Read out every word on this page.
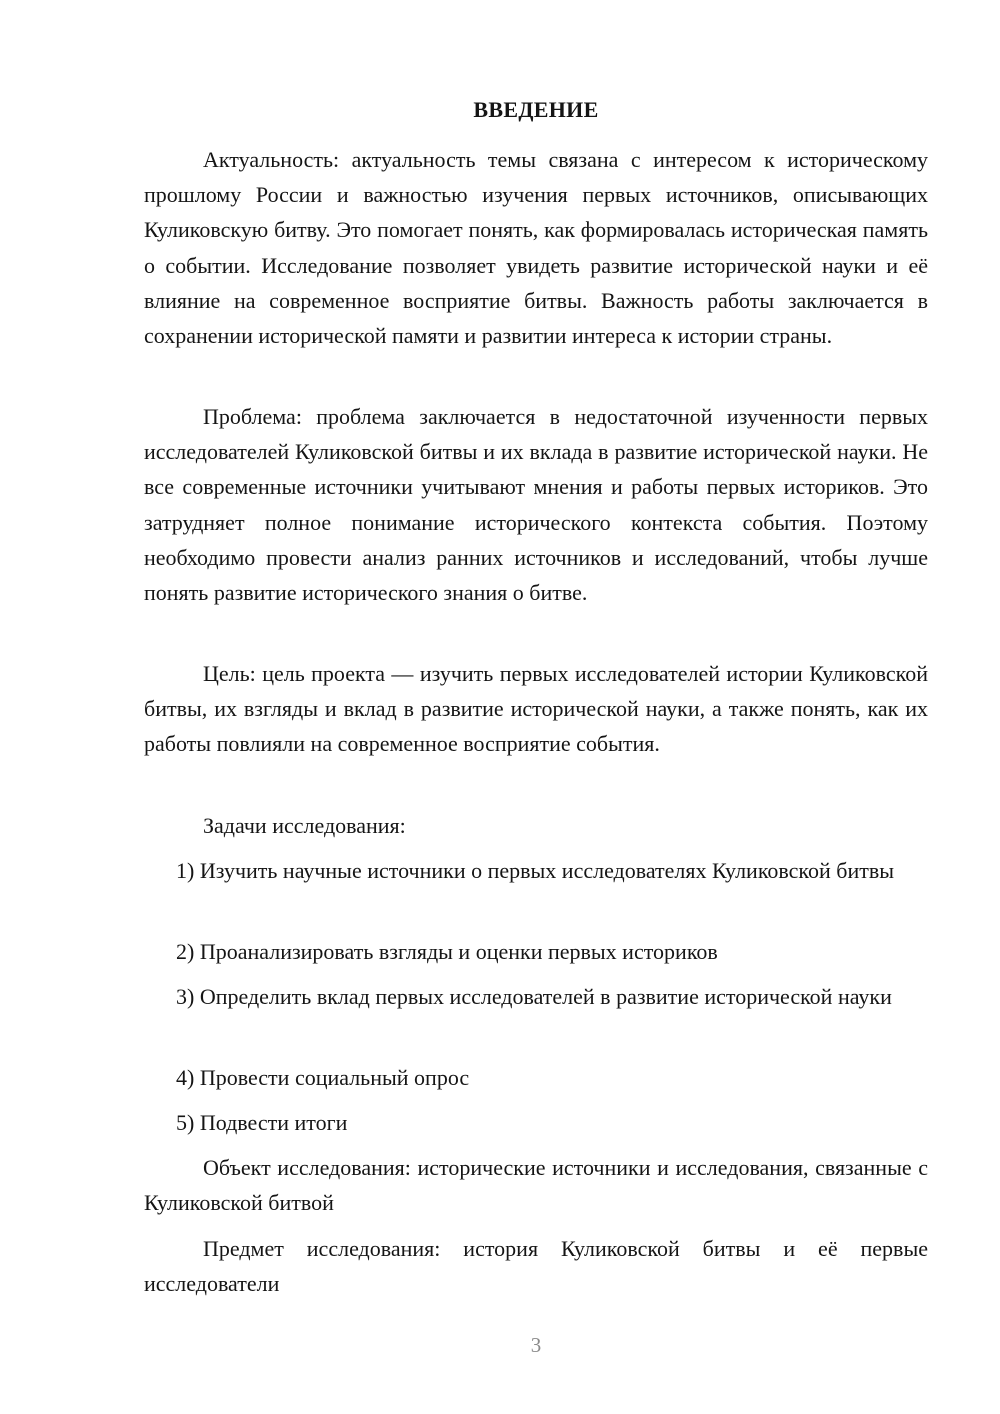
ВВЕДЕНИЕ

Актуальность: актуальность темы связана с интересом к историческому прошлому России и важностью изучения первых источников, описывающих Куликовскую битву. Это помогает понять, как формировалась историческая память о событии. Исследование позволяет увидеть развитие исторической науки и её влияние на современное восприятие битвы. Важность работы заключается в сохранении исторической памяти и развитии интереса к истории страны.

Проблема: проблема заключается в недостаточной изученности первых исследователей Куликовской битвы и их вклада в развитие исторической науки. Не все современные источники учитывают мнения и работы первых историков. Это затрудняет полное понимание исторического контекста события. Поэтому необходимо провести анализ ранних источников и исследований, чтобы лучше понять развитие исторического знания о битве.

Цель: цель проекта — изучить первых исследователей истории Куликовской битвы, их взгляды и вклад в развитие исторической науки, а также понять, как их работы повлияли на современное восприятие события.

Задачи исследования:

1) Изучить научные источники о первых исследователях Куликовской битвы

2) Проанализировать взгляды и оценки первых историков

3) Определить вклад первых исследователей в развитие исторической науки

4) Провести социальный опрос

5) Подвести итоги

Объект исследования: исторические источники и исследования, связанные с Куликовской битвой

Предмет исследования: история Куликовской битвы и её первые исследователи

3
